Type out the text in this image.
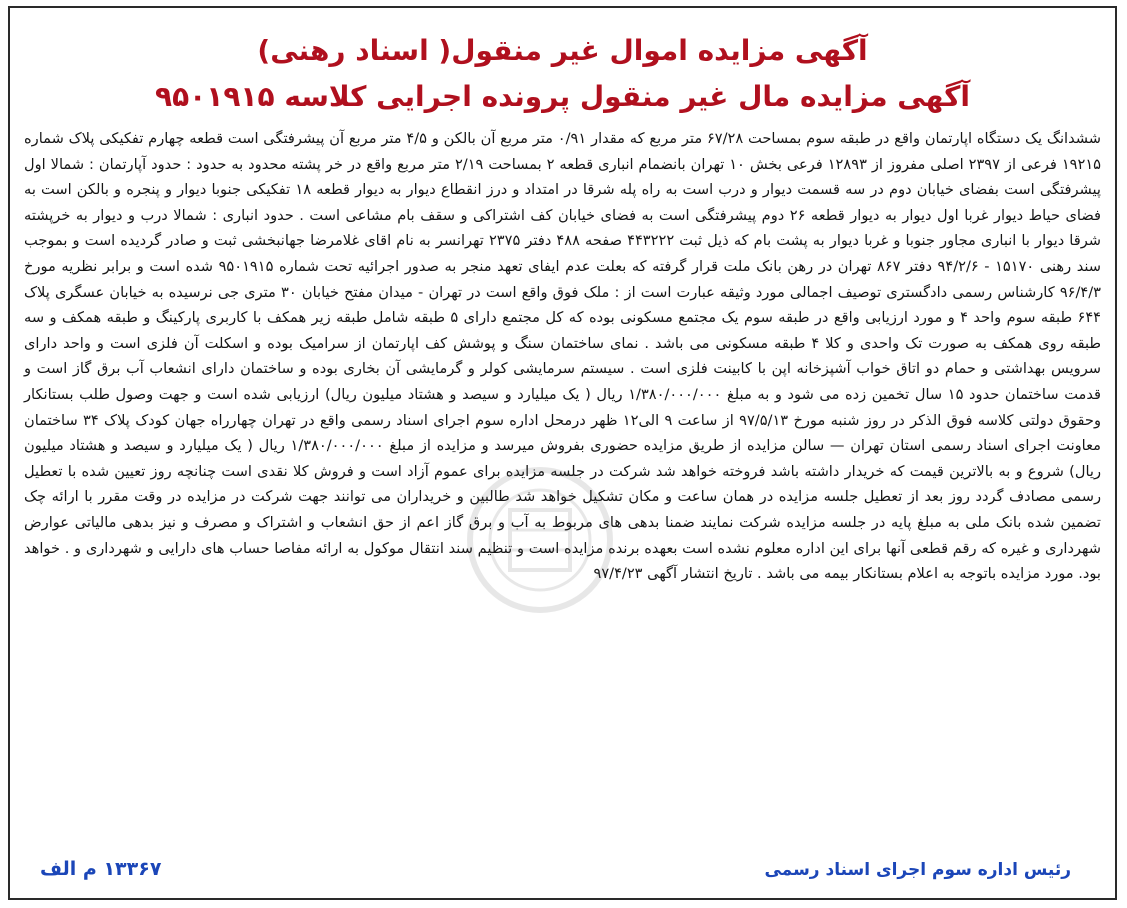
آگهی مزایده اموال غیر منقول( اسناد رهنی)
آگهی مزایده مال غیر منقول پرونده اجرایی کلاسه ۹۵۰۱۹۱۵
ششدانگ یک دستگاه اپارتمان واقع در طبقه سوم بمساحت ۶۷/۲۸ متر مربع که مقدار ۰/۹۱ متر مربع آن بالکن و ۴/۵ متر مربع آن پیشرفتگی است قطعه چهارم تفکیکی پلاک شماره ۱۹۲۱۵ فرعی از ۲۳۹۷ اصلی مفروز از ۱۲۸۹۳ فرعی بخش ۱۰ تهران بانضمام انباری قطعه ۲ بمساحت ۲/۱۹ متر مربع واقع در خر پشته محدود به حدود : حدود آپارتمان : شمالا اول پیشرفتگی است بفضای خیابان دوم در سه قسمت دیوار و درب است به راه پله شرقا در امتداد و درز انقطاع دیوار به دیوار قطعه ۱۸ تفکیکی جنوبا دیوار و پنجره و بالکن است به فضای حیاط دیوار غربا اول دیوار به دیوار قطعه ۲۶ دوم پیشرفتگی است به فضای خیابان کف اشتراکی و سقف بام مشاعی است . حدود انباری : شمالا درب و دیوار به خرپشته شرقا دیوار با انباری مجاور جنوبا و غربا دیوار به پشت بام که ذیل ثبت ۴۴۳۲۲۲ صفحه ۴۸۸ دفتر ۲۳۷۵ تهرانسر به نام اقای غلامرضا جهانبخشی ثبت و صادر گردیده است و بموجب سند رهنی ۱۵۱۷۰ - ۹۴/۲/۶ دفتر ۸۶۷ تهران در رهن بانک ملت قرار گرفته که بعلت عدم ایفای تعهد منجر به صدور اجرائیه تحت شماره ۹۵۰۱۹۱۵ شده است و برابر نظریه مورخ ۹۶/۴/۳ کارشناس رسمی دادگستری توصیف اجمالی مورد وثیقه عبارت است از : ملک فوق واقع است در تهران - میدان مفتح خیابان ۳۰ متری جی نرسیده به خیابان عسگری پلاک ۶۴۴ طبقه سوم واحد ۴ و مورد ارزیابی واقع در طبقه سوم یک مجتمع مسکونی بوده که کل مجتمع دارای ۵ طبقه شامل طبقه زیر همکف با کاربری پارکینگ و طبقه همکف و سه طبقه روی همکف به صورت تک واحدی و کلا ۴ طبقه مسکونی می باشد . نمای ساختمان سنگ و پوشش کف اپارتمان از سرامیک بوده و اسکلت آن فلزی است و واحد دارای سرویس بهداشتی و حمام دو اتاق خواب آشپزخانه اپن با کابینت فلزی است . سیستم سرمایشی کولر و گرمایشی آن بخاری بوده و ساختمان دارای انشعاب آب برق گاز است و قدمت ساختمان حدود ۱۵ سال تخمین زده می شود و به مبلغ ۱/۳۸۰/۰۰۰/۰۰۰ ریال ( یک میلیارد و سیصد و هشتاد میلیون ریال) ارزیابی شده است و جهت وصول طلب بستانکار وحقوق دولتی کلاسه فوق الذکر در روز شنبه مورخ ۹۷/۵/۱۳ از ساعت ۹ الی۱۲ ظهر درمحل اداره سوم اجرای اسناد رسمی واقع در تهران چهارراه جهان کودک پلاک ۳۴ ساختمان معاونت اجرای اسناد رسمی استان تهران — سالن مزایده از طریق مزایده حضوری بفروش میرسد و مزایده از مبلغ ۱/۳۸۰/۰۰۰/۰۰۰ ریال ( یک میلیارد و سیصد و هشتاد میلیون ریال) شروع و به بالاترین قیمت که خریدار داشته باشد فروخته خواهد شد شرکت در جلسه مزایده برای عموم آزاد است و فروش کلا نقدی است چنانچه روز تعیین شده با تعطیل رسمی مصادف گردد روز بعد از تعطیل جلسه مزایده در همان ساعت و مکان تشکیل خواهد شد طالبین و خریداران می توانند جهت شرکت در مزایده در وقت مقرر با ارائه چک تضمین شده بانک ملی به مبلغ پایه در جلسه مزایده شرکت نمایند ضمنا بدهی های مربوط به آب و برق گاز اعم از حق انشعاب و اشتراک و مصرف و نیز بدهی مالیاتی عوارض شهرداری و غیره که رقم قطعی آنها برای این اداره معلوم نشده است بعهده برنده مزایده است و تنظیم سند انتقال موکول به ارائه مفاصا حساب های دارایی و شهرداری و . خواهد بود. مورد مزایده باتوجه به اعلام بستانکار بیمه می باشد . تاریخ انتشار آگهی ۹۷/۴/۲۳
رئیس اداره سوم اجرای اسناد رسمی
۱۳۳۶۷ م الف
